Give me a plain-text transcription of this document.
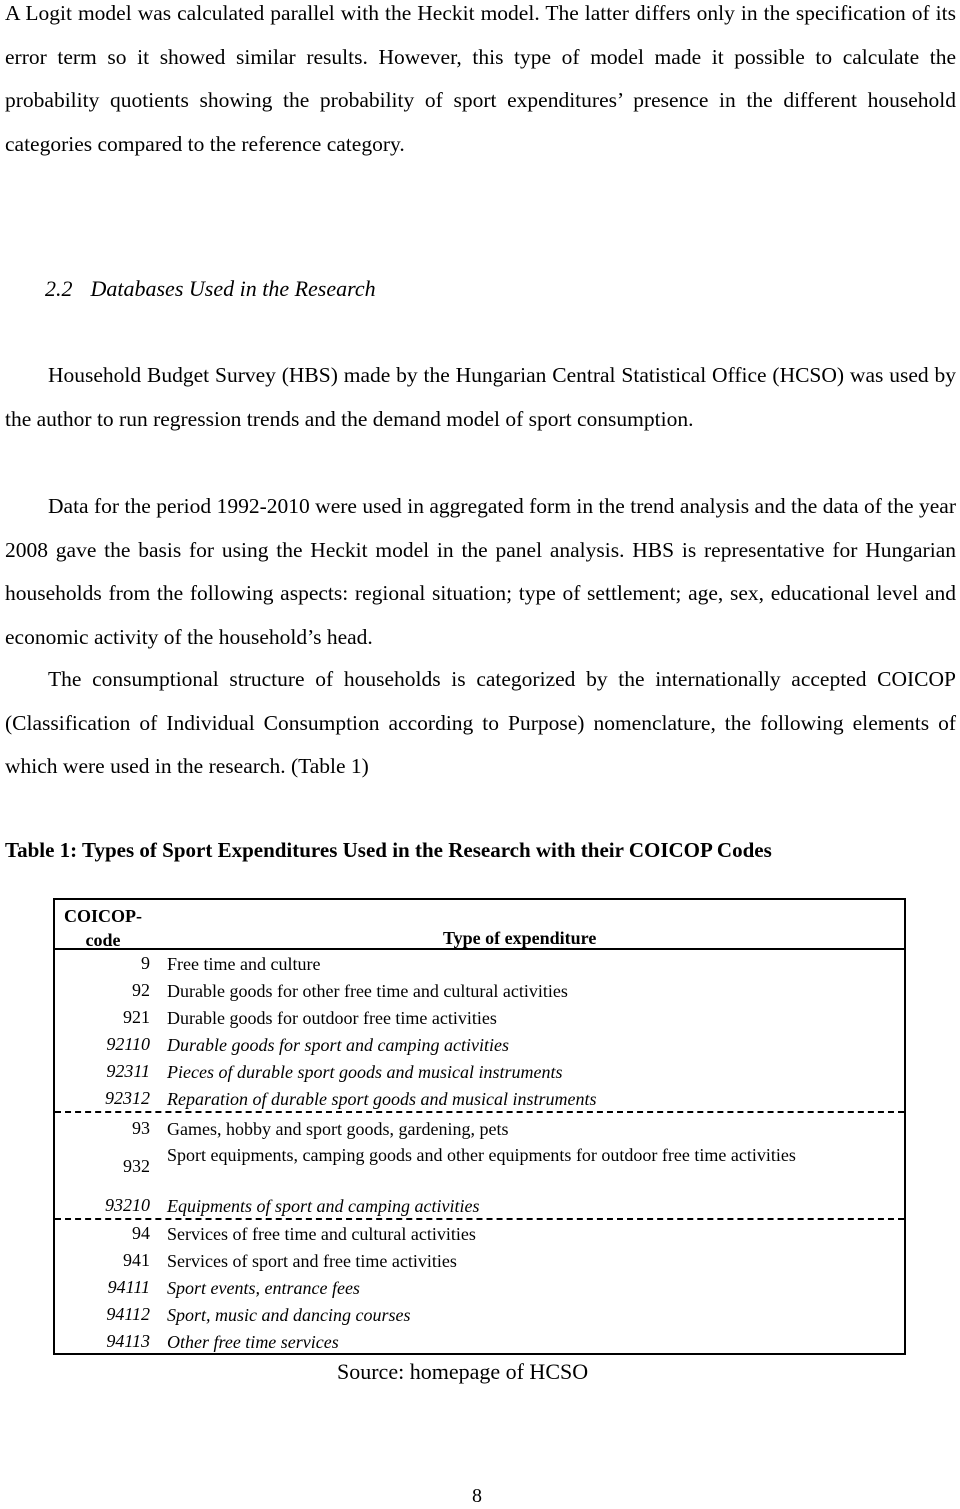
A Logit model was calculated parallel with the Heckit model. The latter differs only in the specification of its error term so it showed similar results. However, this type of model made it possible to calculate the probability quotients showing the probability of sport expenditures’ presence in the different household categories compared to the reference category.

2.2 Databases Used in the Research

Household Budget Survey (HBS) made by the Hungarian Central Statistical Office (HCSO) was used by the author to run regression trends and the demand model of sport consumption.

Data for the period 1992-2010 were used in aggregated form in the trend analysis and the data of the year 2008 gave the basis for using the Heckit model in the panel analysis. HBS is representative for Hungarian households from the following aspects: regional situation; type of settlement; age, sex, educational level and economic activity of the household’s head.

The consumptional structure of households is categorized by the internationally accepted COICOP (Classification of Individual Consumption according to Purpose) nomenclature, the following elements of which were used in the research. (Table 1)

Table 1: Types of Sport Expenditures Used in the Research with their COICOP Codes

COICOP-
code	Type of expenditure
9 Free time and culture
92 Durable goods for other free time and cultural activities
921 Durable goods for outdoor free time activities
92110 Durable goods for sport and camping activities
92311 Pieces of durable sport goods and musical instruments
92312 Reparation of durable sport goods and musical instruments
93 Games, hobby and sport goods, gardening, pets
932
Sport equipments, camping goods and other equipments for outdoor free time activities
93210 Equipments of sport and camping activities
94 Services of free time and cultural activities
941 Services of sport and free time activities
94111 Sport events, entrance fees
94112 Sport, music and dancing courses
94113 Other free time services

Source: homepage of HCSO

8
